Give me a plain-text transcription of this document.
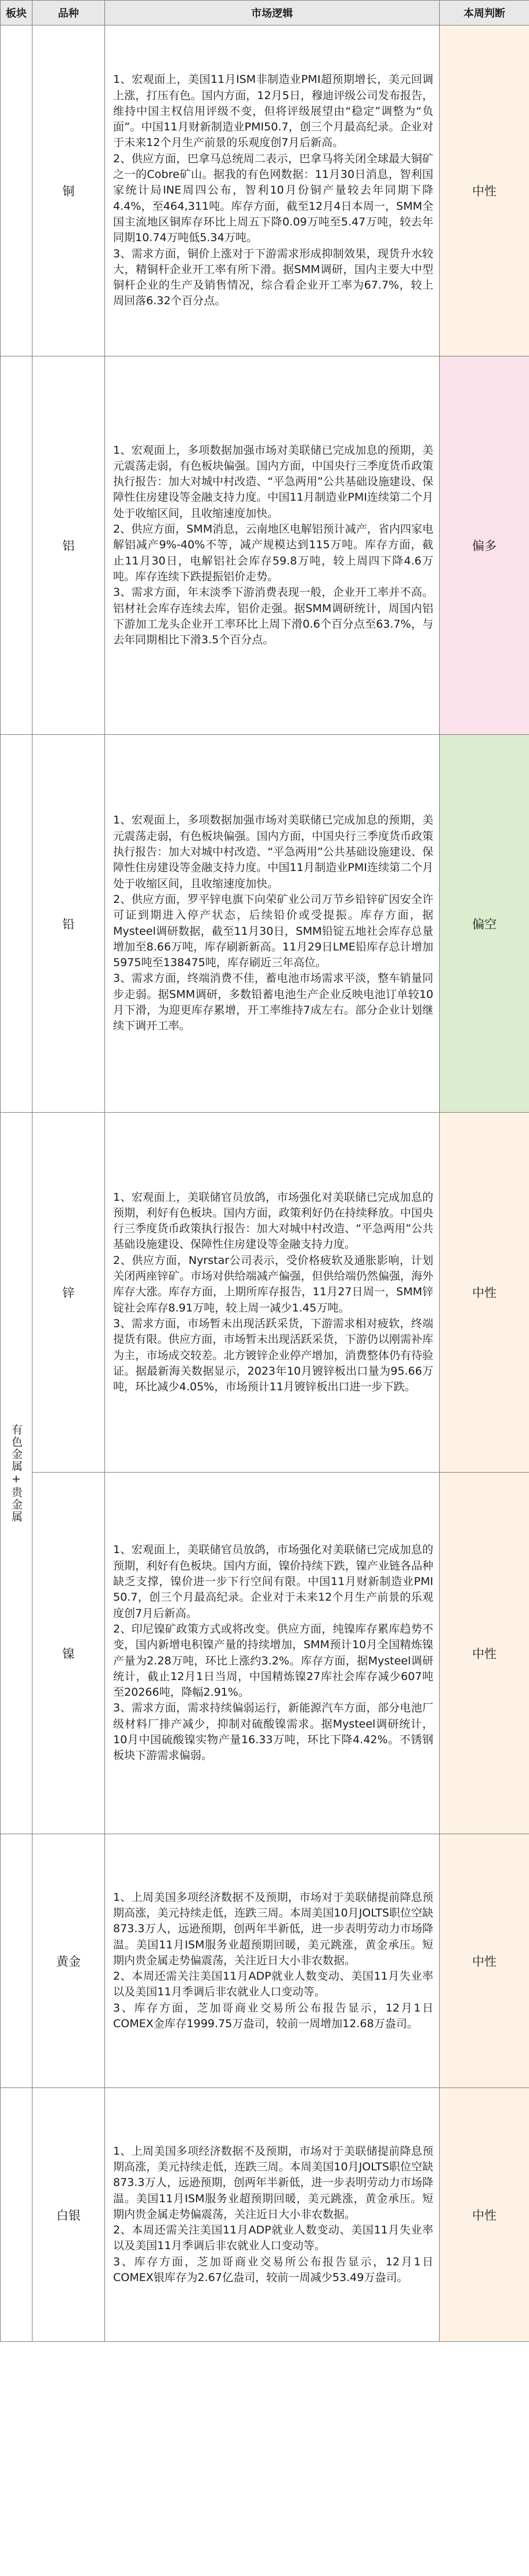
板块	品种	市场逻辑	本周判断
	铜	1、宏观面上，美国11月ISM非制造业PMI超预期增长，美元回调上涨，打压有色。国内方面，12月5日，穆迪评级公司发布报告，维持中国主权信用评级不变，但将评级展望由“稳定”调整为“负面”。中国11月财新制造业PMI50.7，创三个月最高纪录。企业对于未来12个月生产前景的乐观度创7月后新高。

2、供应方面，巴拿马总统周二表示，巴拿马将关闭全球最大铜矿之一的Cobre矿山。据我的有色网数据：11月30日消息，智利国家统计局INE周四公布，智利10月份铜产量较去年同期下降4.4%，至464,311吨。库存方面，截至12月4日本周一，SMM全国主流地区铜库存环比上周五下降0.09万吨至5.47万吨，较去年同期10.74万吨低5.34万吨。

3、需求方面，铜价上涨对于下游需求形成抑制效果，现货升水较大，精铜杆企业开工率有所下滑。据SMM调研，国内主要大中型铜杆企业的生产及销售情况，综合看企业开工率为67.7%，较上周回落6.32个百分点。	中性
	铝	1、宏观面上，多项数据加强市场对美联储已完成加息的预期，美元震荡走弱，有色板块偏强。国内方面，中国央行三季度货币政策执行报告：加大对城中村改造、“平急两用”公共基础设施建设、保障性住房建设等金融支持力度。中国11月制造业PMI连续第二个月处于收缩区间，且收缩速度加快。

2、供应方面，SMM消息，云南地区电解铝预计减产，省内四家电解铝减产9%-40%不等，减产规模达到115万吨。库存方面，截止11月30日，电解铝社会库存59.8万吨，较上周四下降4.6万吨。库存连续下跌提振铝价走势。

3、需求方面，年末淡季下游消费表现一般，企业开工率并不高。铝材社会库存连续去库，铝价走强。据SMM调研统计，周国内铝下游加工龙头企业开工率环比上周下滑0.6个百分点至63.7%，与去年同期相比下滑3.5个百分点。	偏多
	铅	1、宏观面上，多项数据加强市场对美联储已完成加息的预期，美元震荡走弱，有色板块偏强。国内方面，中国央行三季度货币政策执行报告：加大对城中村改造、“平急两用”公共基础设施建设、保障性住房建设等金融支持力度。中国11月制造业PMI连续第二个月处于收缩区间，且收缩速度加快。

2、供应方面，罗平锌电旗下向荣矿业公司万节乡铅锌矿因安全许可证到期进入停产状态，后续铅价或受提振。库存方面，据Mysteel调研数据，截至11月30日，SMM铅锭五地社会库存总量增加至8.66万吨，库存刷新新高。11月29日LME铅库存总计增加5975吨至138475吨，库存刷近三年高位。

3、需求方面，终端消费不佳，蓄电池市场需求平淡，整车销量同步走弱。据SMM调研，多数铅蓄电池生产企业反映电池订单较10月下滑，为迎更库存累增，开工率维持7成左右。部分企业计划继续下调开工率。	偏空
有色金属+贵金属	锌	1、宏观面上，美联储官员放鸽，市场强化对美联储已完成加息的预期，利好有色板块。国内方面，政策利好仍在持续释放。中国央行三季度货币政策执行报告：加大对城中村改造、“平急两用”公共基础设施建设、保障性住房建设等金融支持力度。

2、供应方面，Nyrstar公司表示，受价格疲软及通胀影响，计划关闭两座锌矿。市场对供给端减产偏强，但供给端仍然偏强，海外库存大涨。库存方面，上期所库存报告，11月27日周一，SMM锌锭社会库存8.91万吨，较上周一减少1.45万吨。

3、需求方面，市场暂未出现活跃采货，下游需求相对疲软，终端提货有限。供应方面，市场暂未出现活跃采货，下游仍以刚需补库为主，市场成交较差。北方镀锌企业停产增加，消费整体仍有待验证。据最新海关数据显示，2023年10月镀锌板出口量为95.66万吨，环比减少4.05%，市场预计11月镀锌板出口进一步下跌。	中性
	镍	1、宏观面上，美联储官员放鸽，市场强化对美联储已完成加息的预期，利好有色板块。国内方面，镍价持续下跌，镍产业链各品种缺乏支撑，镍价进一步下行空间有限。中国11月财新制造业PMI 50.7，创三个月最高纪录。企业对于未来12个月生产前景的乐观度创7月后新高。

2、印尼镍矿政策方式或将改变。供应方面，纯镍库存累库趋势不变，国内新增电积镍产量的持续增加，SMM预计10月全国精炼镍产量为2.28万吨，环比上涨约3.2%。库存方面，据Mysteel调研统计，截止12月1日当周，中国精炼镍27库社会库存减少607吨至20266吨，降幅2.91%。

3、需求方面，需求持续偏弱运行，新能源汽车方面，部分电池厂级材料厂排产减少，抑制对硫酸镍需求。据Mysteel调研统计，10月中国硫酸镍实物产量16.33万吨，环比下降4.42%。不锈钢板块下游需求偏弱。	中性
	黄金	1、上周美国多项经济数据不及预期，市场对于美联储提前降息预期高涨，美元持续走低，连跌三周。本周美国10月JOLTS职位空缺873.3万人，远逊预期，创两年半新低，进一步表明劳动力市场降温。美国11月ISM服务业超预期回暖，美元跳涨，黄金承压。短期内贵金属走势偏震荡，关注近日大小非农数据。

2、本周还需关注美国11月ADP就业人数变动、美国11月失业率以及美国11月季调后非农就业人口变动等。

3、库存方面，芝加哥商业交易所公布报告显示，12月1日COMEX金库存1999.75万盎司，较前一周增加12.68万盎司。	中性
	白银	1、上周美国多项经济数据不及预期，市场对于美联储提前降息预期高涨，美元持续走低，连跌三周。本周美国10月JOLTS职位空缺873.3万人，远逊预期，创两年半新低，进一步表明劳动力市场降温。美国11月ISM服务业超预期回暖，美元跳涨，黄金承压。短期内贵金属走势偏震荡，关注近日大小非农数据。

2、本周还需关注美国11月ADP就业人数变动、美国11月失业率以及美国11月季调后非农就业人口变动等。

3、库存方面，芝加哥商业交易所公布报告显示，12月1日COMEX银库存为2.67亿盎司，较前一周减少53.49万盎司。	中性
